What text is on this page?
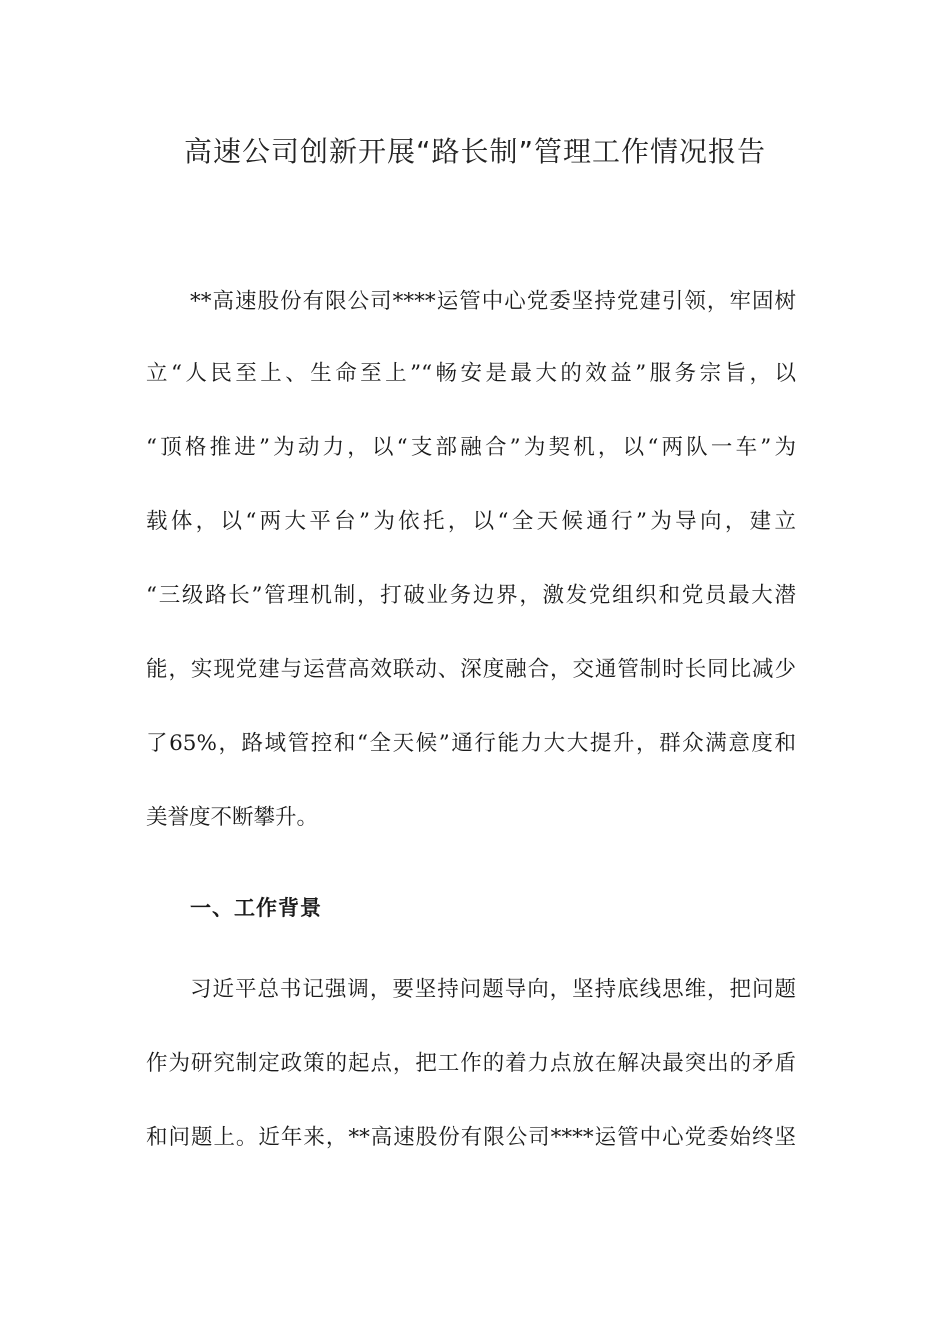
高速公司创新开展“路长制”管理工作情况报告
**高速股份有限公司****运管中心党委坚持党建引领，牢固树
立“人民至上、生命至上”“畅安是最大的效益”服务宗旨，以
“顶格推进”为动力，以“支部融合”为契机，以“两队一车”为
载体，以“两大平台”为依托，以“全天候通行”为导向，建立
“三级路长”管理机制，打破业务边界，激发党组织和党员最大潜
能，实现党建与运营高效联动、深度融合，交通管制时长同比减少
了65%，路域管控和“全天候”通行能力大大提升，群众满意度和
美誉度不断攀升。
一、工作背景
习近平总书记强调，要坚持问题导向，坚持底线思维，把问题
作为研究制定政策的起点，把工作的着力点放在解决最突出的矛盾
和问题上。近年来，**高速股份有限公司****运管中心党委始终坚
